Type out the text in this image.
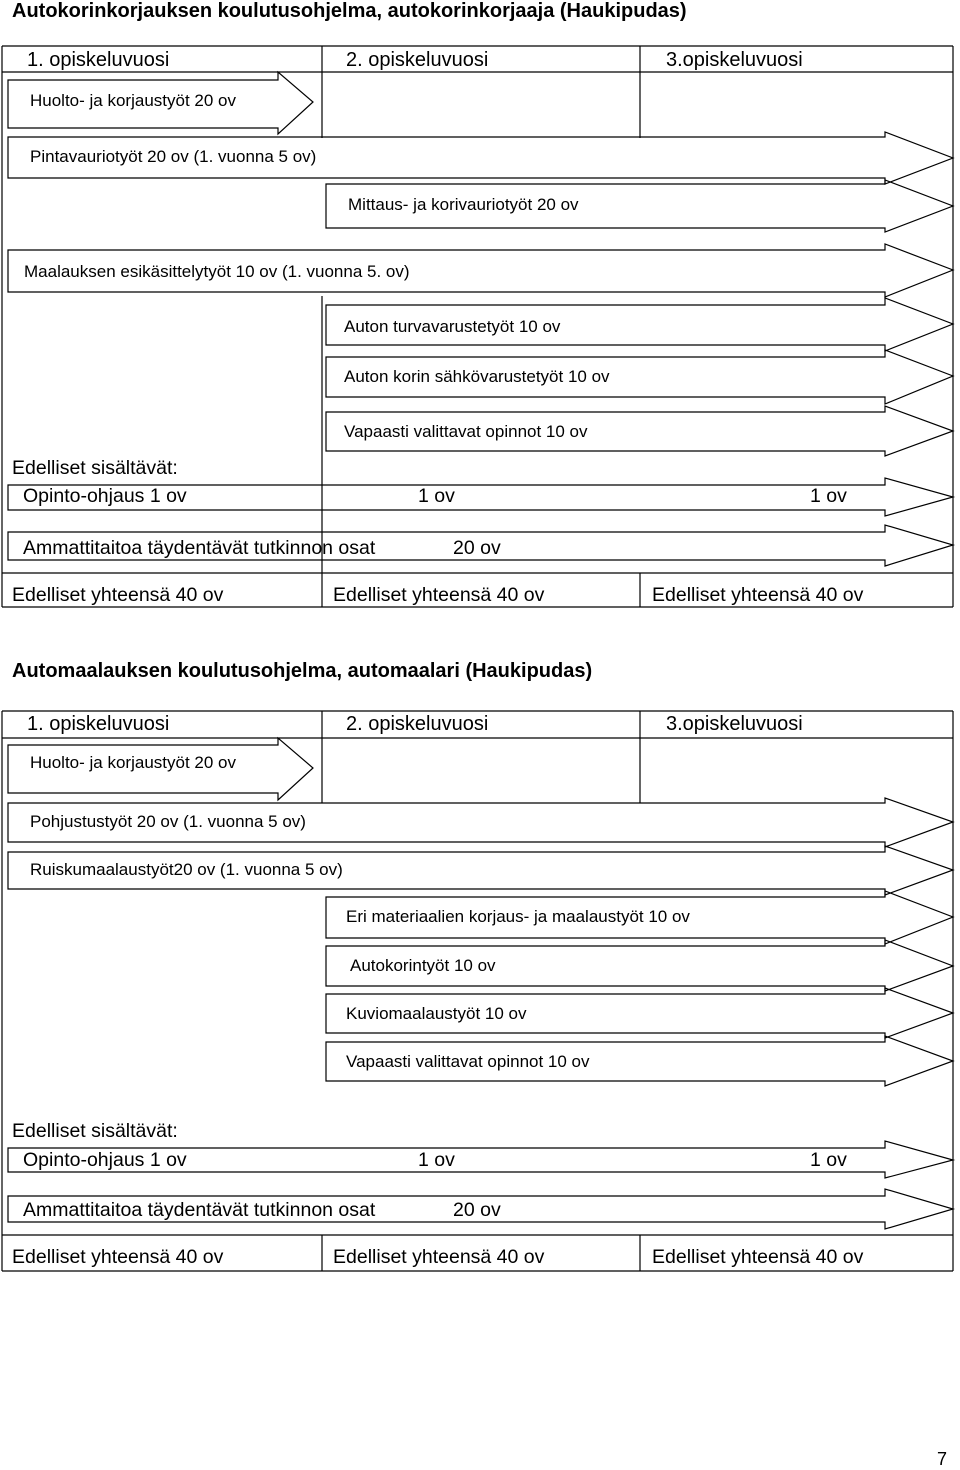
Autokorinkorjauksen koulutusohjelma, autokorinkorjaaja (Haukipudas)
1. opiskeluvuosi	2. opiskeluvuosi	3.opiskeluvuosi
Huolto- ja korjaustyöt 20 ov
Pintavauriotyöt 20 ov (1. vuonna 5 ov)
Mittaus- ja korivauriotyöt 20 ov
Maalauksen esikäsittelytyöt 10 ov (1. vuonna 5. ov)
Auton turvavarustetyöt 10 ov
Auton korin sähkövarustetyöt 10 ov
Vapaasti valittavat opinnot 10 ov
Edelliset sisältävät:
Opinto-ohjaus 1 ov	1 ov	1 ov
Ammattitaitoa täydentävät tutkinnon osat	20 ov
Edelliset yhteensä 40 ov	Edelliset yhteensä 40 ov	Edelliset yhteensä 40 ov
Automaalauksen koulutusohjelma, automaalari (Haukipudas)
1. opiskeluvuosi	2. opiskeluvuosi	3.opiskeluvuosi
Huolto- ja korjaustyöt 20 ov
Pohjustustyöt 20 ov (1. vuonna 5 ov)
Ruiskumaalaustyöt20 ov (1. vuonna 5 ov)
Eri materiaalien korjaus- ja maalaustyöt 10 ov
Autokorintyöt 10 ov
Kuviomaalaustyöt 10 ov
Vapaasti valittavat opinnot 10 ov
Edelliset sisältävät:
Opinto-ohjaus 1 ov	1 ov	1 ov
Ammattitaitoa täydentävät tutkinnon osat	20 ov
Edelliset yhteensä 40 ov	Edelliset yhteensä 40 ov	Edelliset yhteensä 40 ov
7
